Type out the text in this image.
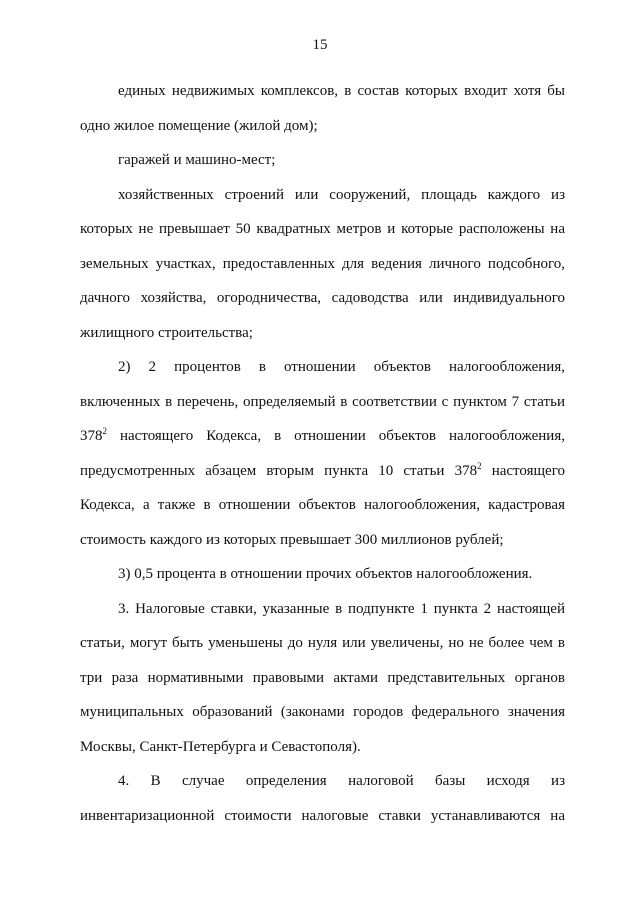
15

единых недвижимых комплексов, в состав которых входит хотя бы

одно жилое помещение (жилой дом);

гаражей и машино-мест;

хозяйственных строений или сооружений, площадь каждого из

которых не превышает 50 квадратных метров и которые расположены на

земельных участках, предоставленных для ведения личного подсобного,

дачного хозяйства, огородничества, садоводства или индивидуального

жилищного строительства;

2) 2 процентов в отношении объектов налогообложения,

включенных в перечень, определяемый в соответствии с пунктом 7 статьи

$378^2$ настоящего Кодекса, в отношении объектов налогообложения,

предусмотренных абзацем вторым пункта 10 статьи $378^2$ настоящего

Кодекса, а также в отношении объектов налогообложения, кадастровая

стоимость каждого из которых превышает 300 миллионов рублей;

3) 0,5 процента в отношении прочих объектов налогообложения.

3. Налоговые ставки, указанные в подпункте 1 пункта 2 настоящей

статьи, могут быть уменьшены до нуля или увеличены, но не более чем в

три раза нормативными правовыми актами представительных органов

муниципальных образований (законами городов федерального значения

Москвы, Санкт-Петербурга и Севастополя).

4. В случае определения налоговой базы исходя из

инвентаризационной стоимости налоговые ставки устанавливаются на
